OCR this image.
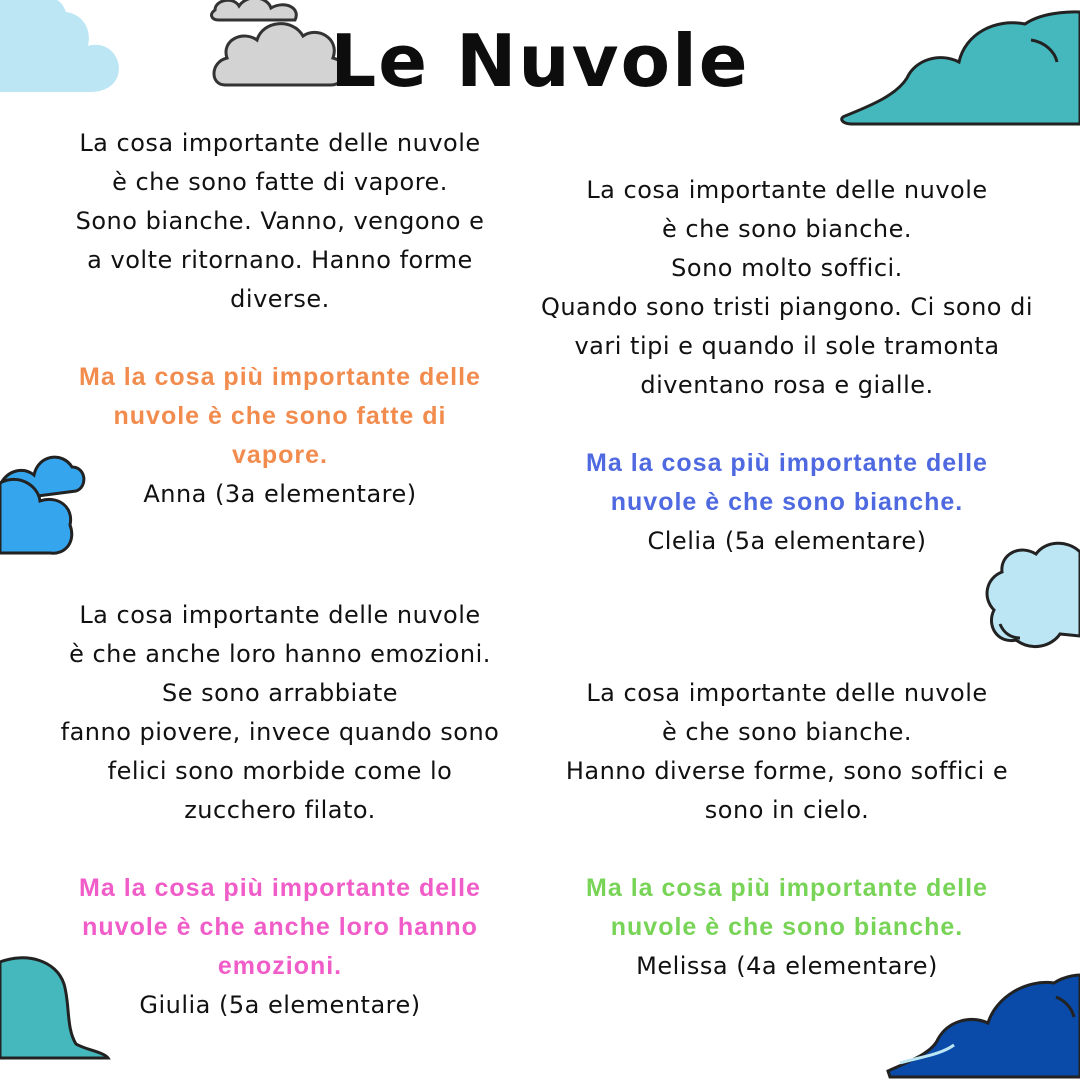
Le Nuvole

La cosa importante delle nuvole

è che sono fatte di vapore.

Sono bianche. Vanno, vengono e

a volte ritornano. Hanno forme

diverse.

Ma la cosa più importante delle

nuvole è che sono fatte di

vapore.

Anna (3a elementare)

La cosa importante delle nuvole

è che sono bianche.

Sono molto soffici.

Quando sono tristi piangono. Ci sono di

vari tipi e quando il sole tramonta

diventano rosa e gialle.

Ma la cosa più importante delle

nuvole è che sono bianche.

Clelia (5a elementare)

La cosa importante delle nuvole

è che anche loro hanno emozioni.

Se sono arrabbiate

fanno piovere, invece quando sono

felici sono morbide come lo

zucchero filato.

Ma la cosa più importante delle

nuvole è che anche loro hanno

emozioni.

Giulia (5a elementare)

La cosa importante delle nuvole

è che sono bianche.

Hanno diverse forme, sono soffici e

sono in cielo.

Ma la cosa più importante delle

nuvole è che sono bianche.

Melissa (4a elementare)
